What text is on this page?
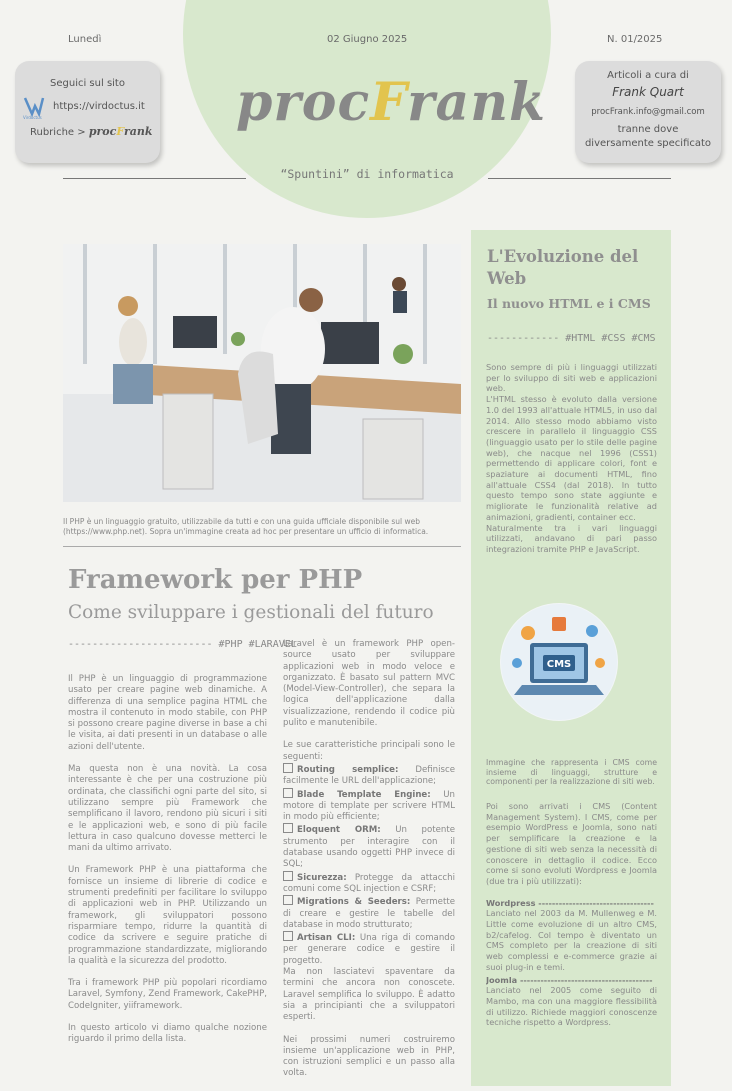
Lunedì	02 Giugno 2025	N. 01/2025
Seguici sul sito
Virdoctus
https://virdoctus.it
Rubriche > procFrank
Articoli a cura di
Frank Quart
procFrank.info@gmail.com
tranne dove
diversamente specificato
procFrank
“Spuntini” di informatica
Il PHP è un linguaggio gratuito, utilizzabile da tutti e con una guida ufficiale disponibile sul web (https://www.php.net). Sopra un'immagine creata ad hoc per presentare un ufficio di informatica.
Framework per PHP
Come sviluppare i gestionali del futuro
------------------------ #PHP #LARAVEL

Il PHP è un linguaggio di programmazione usato per creare pagine web dinamiche. A differenza di una semplice pagina HTML che mostra il contenuto in modo stabile, con PHP si possono creare pagine diverse in base a chi le visita, ai dati presenti in un database o alle azioni dell'utente.

Ma questa non è una novità. La cosa interessante è che per una costruzione più ordinata, che classifichi ogni parte del sito, si utilizzano sempre più Framework che semplificano il lavoro, rendono più sicuri i siti e le applicazioni web, e sono di più facile lettura in caso qualcuno dovesse metterci le mani da ultimo arrivato.

Un Framework PHP è una piattaforma che fornisce un insieme di librerie di codice e strumenti predefiniti per facilitare lo sviluppo di applicazioni web in PHP. Utilizzando un framework, gli sviluppatori possono risparmiare tempo, ridurre la quantità di codice da scrivere e seguire pratiche di programmazione standardizzate, migliorando la qualità e la sicurezza del prodotto.

Tra i framework PHP più popolari ricordiamo Laravel, Symfony, Zend Framework, CakePHP, CodeIgniter, yiiframework.

In questo articolo vi diamo qualche nozione riguardo il primo della lista.

Laravel è un framework PHP open-source usato per sviluppare applicazioni web in modo veloce e organizzato. È basato sul pattern MVC (Model-View-Controller), che separa la logica dell'applicazione dalla visualizzazione, rendendo il codice più pulito e manutenibile.

Le sue caratteristiche principali sono le seguenti:

Routing semplice: Definisce facilmente le URL dell'applicazione;
Blade Template Engine: Un motore di template per scrivere HTML in modo più efficiente;
Eloquent ORM: Un potente strumento per interagire con il database usando oggetti PHP invece di SQL;
Sicurezza: Protegge da attacchi comuni come SQL injection e CSRF;
Migrations & Seeders: Permette di creare e gestire le tabelle del database in modo strutturato;
Artisan CLI: Una riga di comando per generare codice e gestire il progetto.

Ma non lasciatevi spaventare da termini che ancora non conoscete. Laravel semplifica lo sviluppo. È adatto sia a principianti che a sviluppatori esperti.

Nei prossimi numeri costruiremo insieme un'applicazione web in PHP, con istruzioni semplici e un passo alla volta.

L'Evoluzione del Web
Il nuovo HTML e i CMS
------------ #HTML #CSS #CMS

Sono sempre di più i linguaggi utilizzati per lo sviluppo di siti web e applicazioni web.

L'HTML stesso è evoluto dalla versione 1.0 del 1993 all'attuale HTML5, in uso dal 2014. Allo stesso modo abbiamo visto crescere in parallelo il linguaggio CSS (linguaggio usato per lo stile delle pagine web), che nacque nel 1996 (CSS1) permettendo di applicare colori, font e spaziature ai documenti HTML, fino all'attuale CSS4 (dal 2018). In tutto questo tempo sono state aggiunte e migliorate le funzionalità relative ad animazioni, gradienti, container ecc.

Naturalmente tra i vari linguaggi utilizzati, andavano di pari passo integrazioni tramite PHP e JavaScript.

CMS
Immagine che rappresenta i CMS come insieme di linguaggi, strutture e componenti per la realizzazione di siti web.

Poi sono arrivati i CMS (Content Management System). I CMS, come per esempio WordPress e Joomla, sono nati per semplificare la creazione e la gestione di siti web senza la necessità di conoscere in dettaglio il codice. Ecco come si sono evoluti Wordpress e Joomla (due tra i più utilizzati):

Wordpress ----------------------------------

Lanciato nel 2003 da M. Mullenweg e M. Little come evoluzione di un altro CMS, b2/cafelog. Col tempo è diventato un CMS completo per la creazione di siti web complessi e e-commerce grazie ai suoi plug-in e temi.

Joomla ---------------------------------------

Lanciato nel 2005 come seguito di Mambo, ma con una maggiore flessibilità di utilizzo. Richiede maggiori conoscenze tecniche rispetto a Wordpress.
